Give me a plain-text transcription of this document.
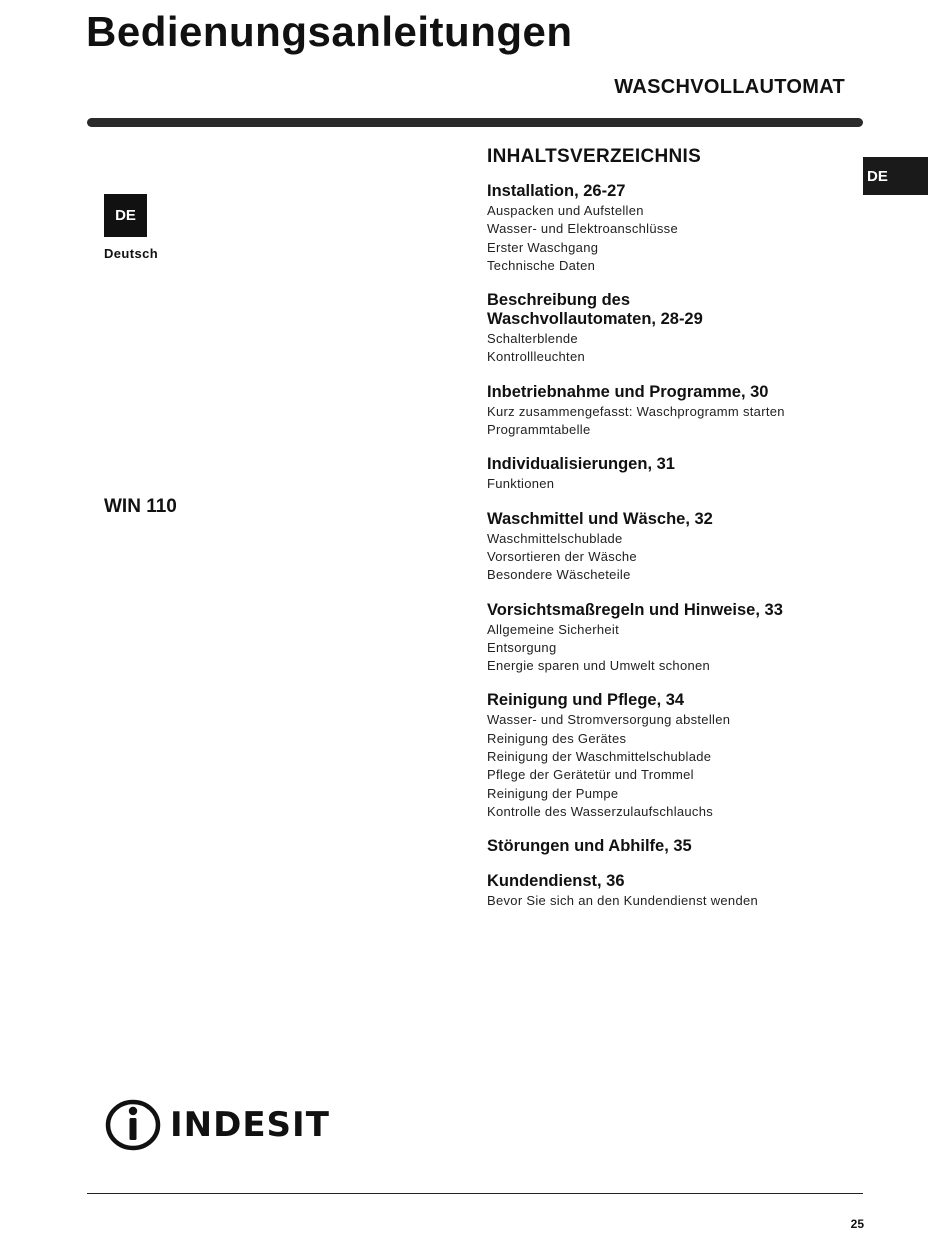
Bedienungsanleitungen
WASCHVOLLAUTOMAT
DE
DE
Deutsch
WIN 110
INHALTSVERZEICHNIS
Installation, 26-27
Auspacken und Aufstellen
Wasser- und Elektroanschlüsse
Erster Waschgang
Technische Daten
Beschreibung des
Waschvollautomaten, 28-29
Schalterblende
Kontrollleuchten
Inbetriebnahme und Programme, 30
Kurz zusammengefasst: Waschprogramm starten
Programmtabelle
Individualisierungen, 31
Funktionen
Waschmittel und Wäsche, 32
Waschmittelschublade
Vorsortieren der Wäsche
Besondere Wäscheteile
Vorsichtsmaßregeln und Hinweise, 33
Allgemeine Sicherheit
Entsorgung
Energie sparen und Umwelt schonen
Reinigung und Pflege, 34
Wasser- und Stromversorgung abstellen
Reinigung des Gerätes
Reinigung der Waschmittelschublade
Pflege der Gerätetür und Trommel
Reinigung der Pumpe
Kontrolle des Wasserzulaufschlauchs
Störungen und Abhilfe, 35
Kundendienst, 36
Bevor Sie sich an den Kundendienst wenden
INDESIT
25
